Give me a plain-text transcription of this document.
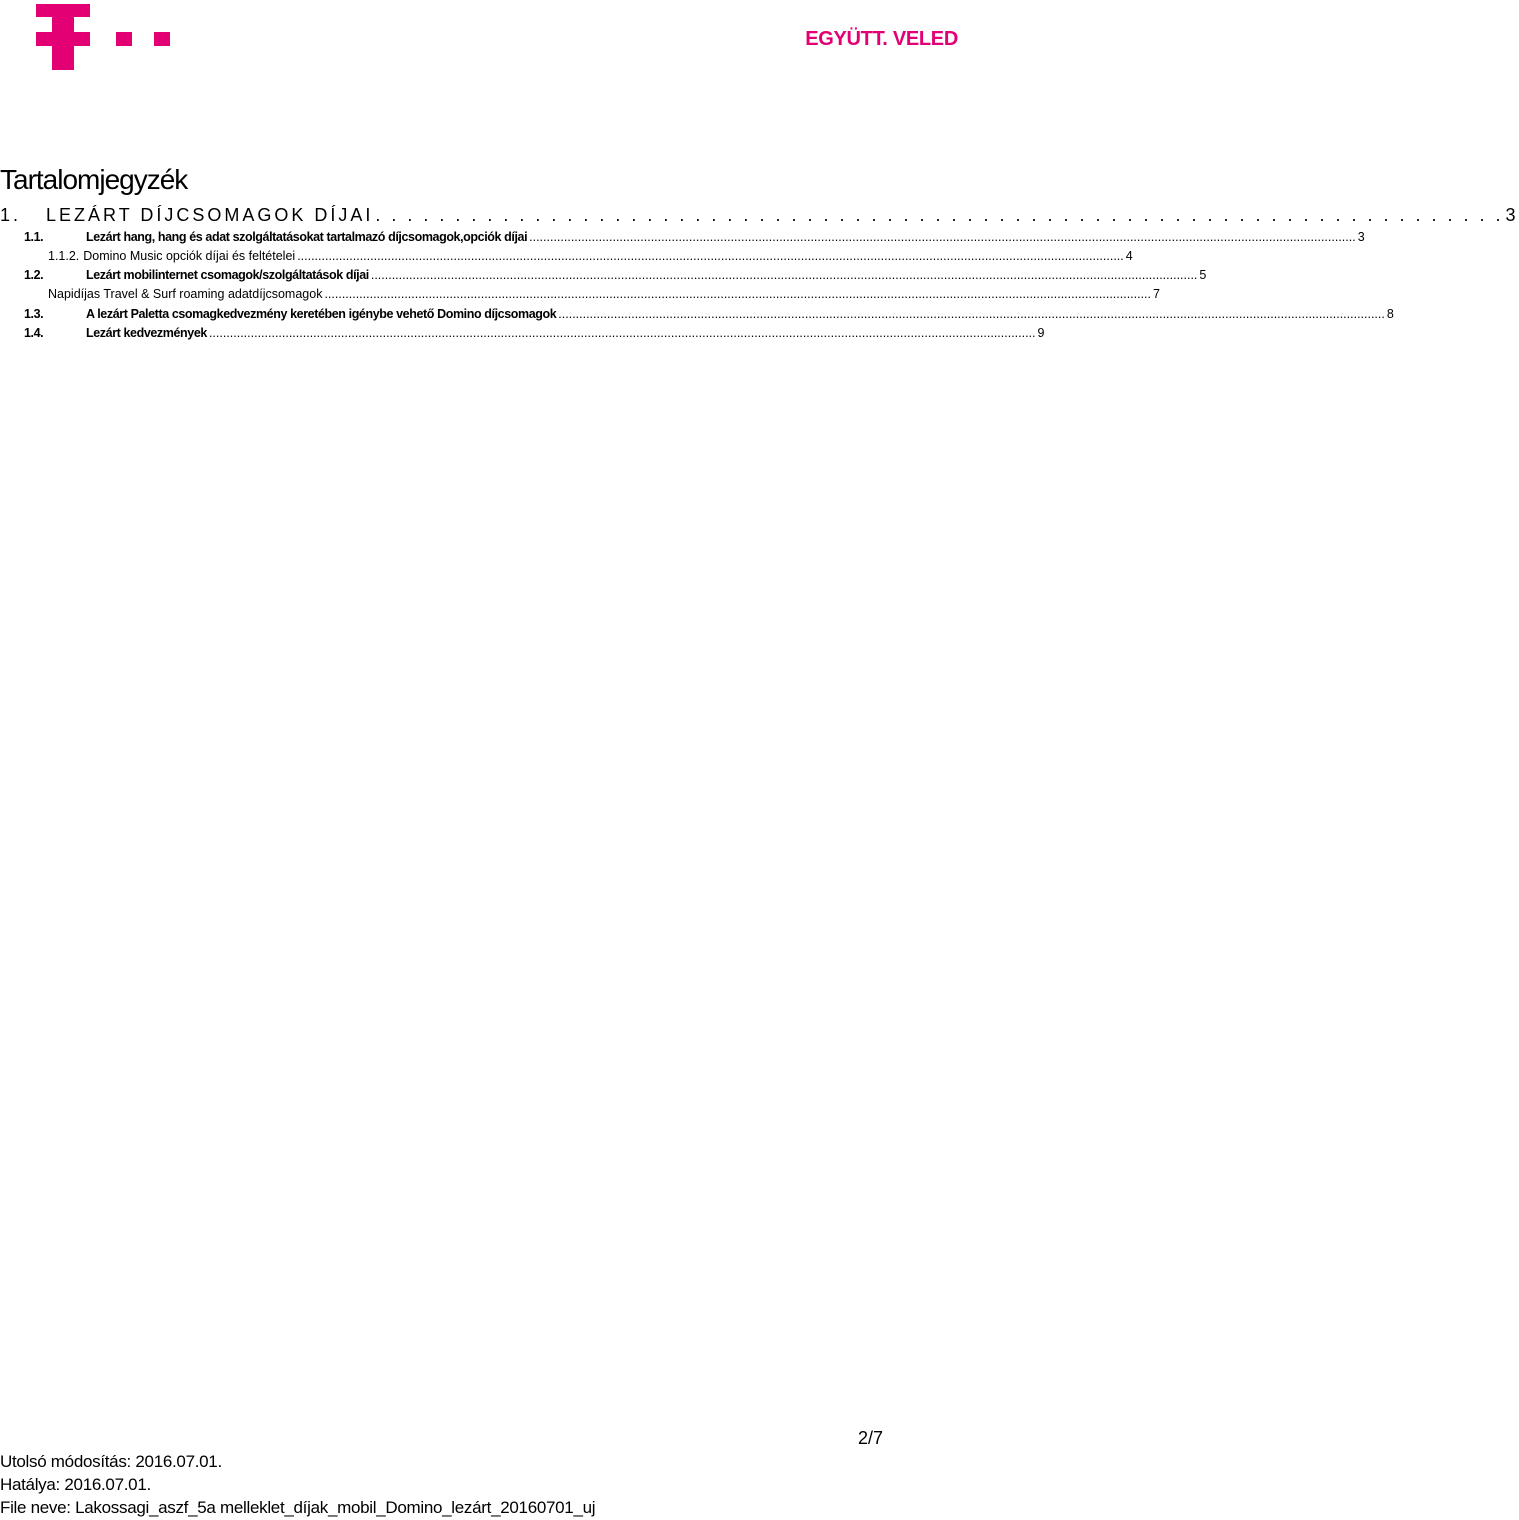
EGYÜTT. VELED
Tartalomjegyzék
1.	LEZÁRT DÍJCSOMAGOK DÍJAI . . . . . . . . . . . . . . . . . . . . . . . . . . . . . . . . . . . . . . . . . . . . . . . . . . . . . . . . . . . . . . . . . . . . . . . 3
1.1.	Lezárt hang, hang és adat szolgáltatásokat tartalmazó díjcsomagok,opciók díjai .............................................................................................................................................................................................................................................. 3
1.1.2. Domino Music opciók díjai és feltételei .............................................................................................................................................................................................................................................. 4
1.2.	Lezárt mobilinternet csomagok/szolgáltatások díjai .............................................................................................................................................................................................................................................. 5
Napidíjas Travel & Surf roaming adatdíjcsomagok .............................................................................................................................................................................................................................................. 7
1.3.	A lezárt Paletta csomagkedvezmény keretében igénybe vehető Domino díjcsomagok .............................................................................................................................................................................................................................................. 8
1.4.	Lezárt kedvezmények .............................................................................................................................................................................................................................................. 9
2/7
Utolsó módosítás: 2016.07.01.
Hatálya: 2016.07.01.
File neve: Lakossagi_aszf_5a melleklet_díjak_mobil_Domino_lezárt_20160701_uj
